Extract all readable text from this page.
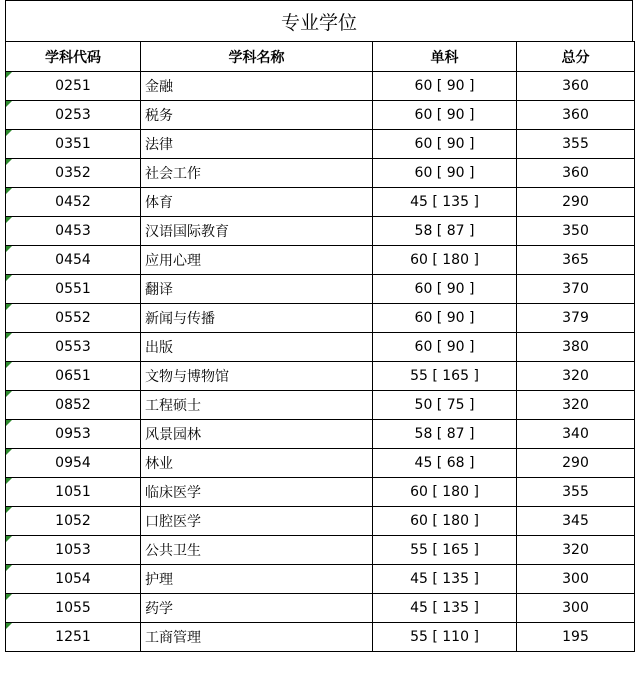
专业学位
学科代码	学科名称	单科	总分

0251	金融	60 [ 90 ]	360

0253	税务	60 [ 90 ]	360

0351	法律	60 [ 90 ]	355

0352	社会工作	60 [ 90 ]	360

0452	体育	45 [ 135 ]	290

0453	汉语国际教育	58 [ 87 ]	350

0454	应用心理	60 [ 180 ]	365

0551	翻译	60 [ 90 ]	370

0552	新闻与传播	60 [ 90 ]	379

0553	出版	60 [ 90 ]	380

0651	文物与博物馆	55 [ 165 ]	320

0852	工程硕士	50 [ 75 ]	320

0953	风景园林	58 [ 87 ]	340

0954	林业	45 [ 68 ]	290

1051	临床医学	60 [ 180 ]	355

1052	口腔医学	60 [ 180 ]	345

1053	公共卫生	55 [ 165 ]	320

1054	护理	45 [ 135 ]	300

1055	药学	45 [ 135 ]	300

1251	工商管理	55 [ 110 ]	195
